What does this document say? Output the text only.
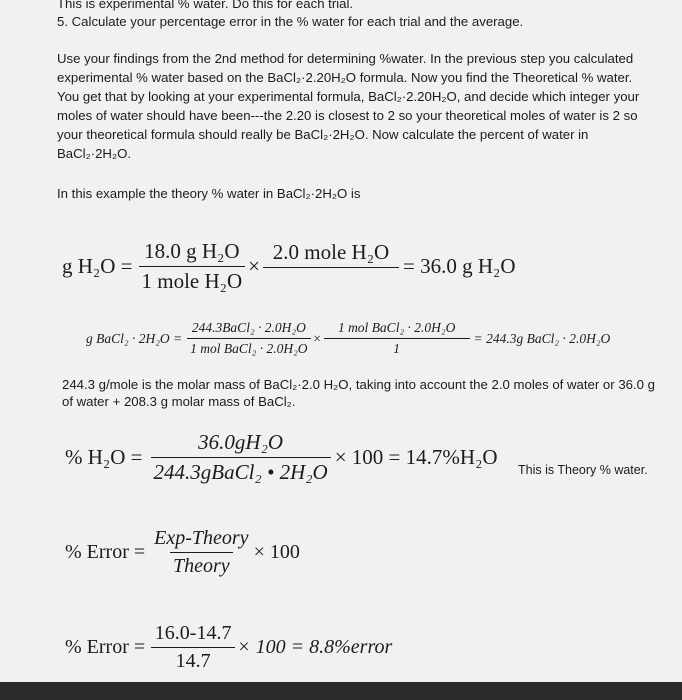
This is experimental % water. Do this for each trial.

5. Calculate your percentage error in the % water for each trial and the average.

Use your findings from the 2nd method for determining %water. In the previous step you calculated

experimental % water based on the BaCl₂·2.20H₂O formula. Now you find the Theoretical % water.

You get that by looking at your experimental formula, BaCl₂·2.20H₂O, and decide which integer your

moles of water should have been---the 2.20 is closest to 2 so your theoretical moles of water is 2 so

your theoretical formula should really be BaCl₂·2H₂O. Now calculate the percent of water in

BaCl₂·2H₂O.

In this example the theory % water in BaCl₂·2H₂O is

g $H_2O = \frac{\text{18.0 g H₂O}}{\text{1 mole H₂O}}$ ×
2.0 mole H₂O
= 36.0 g H₂O
g BaCl₂ · $2H_2O = \frac{\text{244.3BaCl₂ · 2.0H₂O}}{\text{1 mol BaCl₂ · 2.0H₂O}} \times \frac{\text{1 mol BaCl₂ · 2.0H₂O}}{1} = 244.3g$ BaCl₂ · 2.0H₂O

244.3 g/mole is the molar mass of BaCl₂·2.0 H₂O, taking into account the 2.0 moles of water or 36.0 g

of water + 208.3 g molar mass of BaCl₂.

% $H_2O = \frac{\text{36.0gH₂O}}{\text{244.3gBaCl₂ • 2H₂O}} \times 100 = 14.7\%H_2O$
This is Theory % water.
% Error = $\frac{\text{Exp-Theory}}{\text{Theory}} \times 100$
% Error = $\frac{16.0-14.7}{14.7} \times 100$ = 8.8%error
